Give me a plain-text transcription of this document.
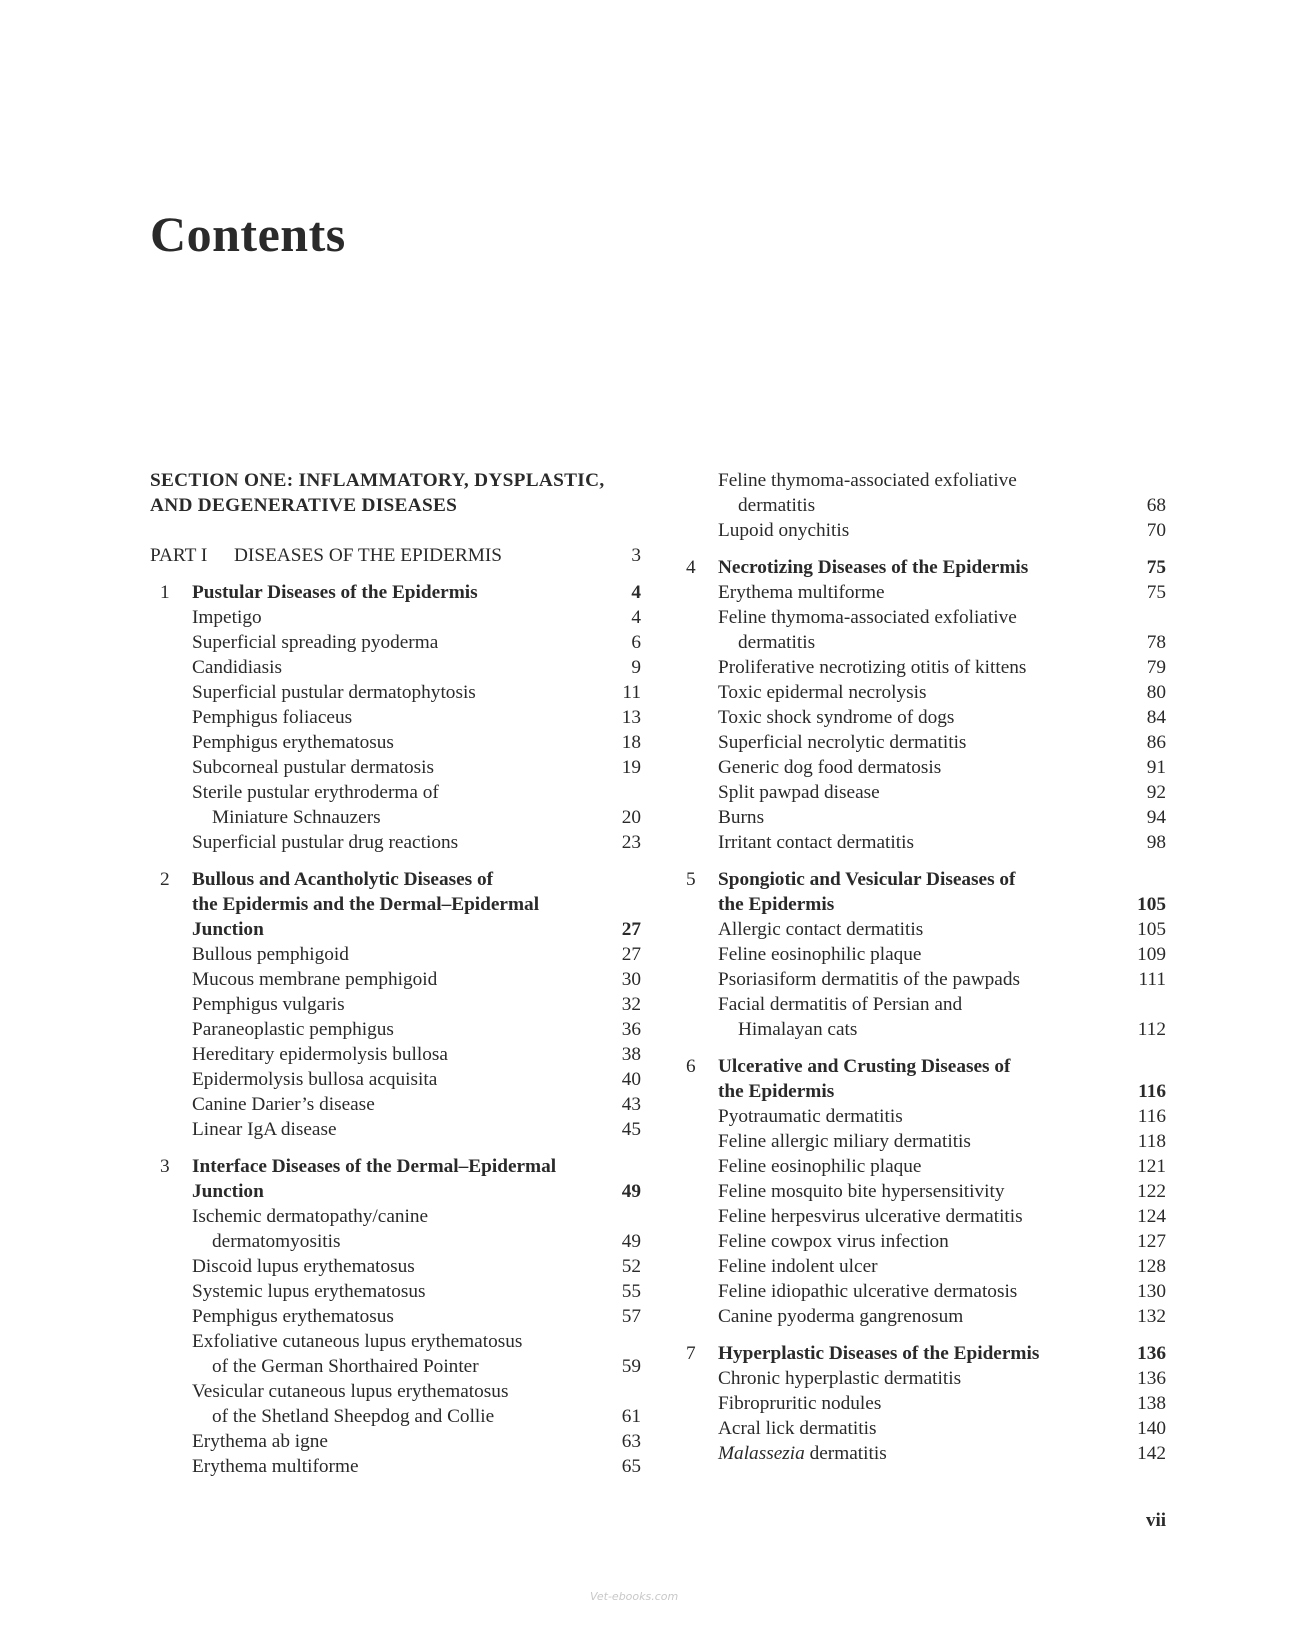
Contents
SECTION ONE: INFLAMMATORY, DYSPLASTIC, AND DEGENERATIVE DISEASES
PART I DISEASES OF THE EPIDERMIS	3
1 Pustular Diseases of the Epidermis	4
Impetigo	4
Superficial spreading pyoderma	6
Candidiasis	9
Superficial pustular dermatophytosis	11
Pemphigus foliaceus	13
Pemphigus erythematosus	18
Subcorneal pustular dermatosis	19
Sterile pustular erythroderma of
Miniature Schnauzers	20
Superficial pustular drug reactions	23
2 Bullous and Acantholytic Diseases of
the Epidermis and the Dermal–Epidermal
Junction	27
Bullous pemphigoid	27
Mucous membrane pemphigoid	30
Pemphigus vulgaris	32
Paraneoplastic pemphigus	36
Hereditary epidermolysis bullosa	38
Epidermolysis bullosa acquisita	40
Canine Darier’s disease	43
Linear IgA disease	45
3 Interface Diseases of the Dermal–Epidermal
Junction	49
Ischemic dermatopathy/canine
dermatomyositis	49
Discoid lupus erythematosus	52
Systemic lupus erythematosus	55
Pemphigus erythematosus	57
Exfoliative cutaneous lupus erythematosus
of the German Shorthaired Pointer	59
Vesicular cutaneous lupus erythematosus
of the Shetland Sheepdog and Collie	61
Erythema ab igne	63
Erythema multiforme	65
Feline thymoma-associated exfoliative
dermatitis	68
Lupoid onychitis	70
4 Necrotizing Diseases of the Epidermis	75
Erythema multiforme	75
Feline thymoma-associated exfoliative
dermatitis	78
Proliferative necrotizing otitis of kittens	79
Toxic epidermal necrolysis	80
Toxic shock syndrome of dogs	84
Superficial necrolytic dermatitis	86
Generic dog food dermatosis	91
Split pawpad disease	92
Burns	94
Irritant contact dermatitis	98
5 Spongiotic and Vesicular Diseases of
the Epidermis	105
Allergic contact dermatitis	105
Feline eosinophilic plaque	109
Psoriasiform dermatitis of the pawpads	111
Facial dermatitis of Persian and
Himalayan cats	112
6 Ulcerative and Crusting Diseases of
the Epidermis	116
Pyotraumatic dermatitis	116
Feline allergic miliary dermatitis	118
Feline eosinophilic plaque	121
Feline mosquito bite hypersensitivity	122
Feline herpesvirus ulcerative dermatitis	124
Feline cowpox virus infection	127
Feline indolent ulcer	128
Feline idiopathic ulcerative dermatosis	130
Canine pyoderma gangrenosum	132
7 Hyperplastic Diseases of the Epidermis	136
Chronic hyperplastic dermatitis	136
Fibropruritic nodules	138
Acral lick dermatitis	140
Malassezia dermatitis	142
vii
Vet-ebooks.com
